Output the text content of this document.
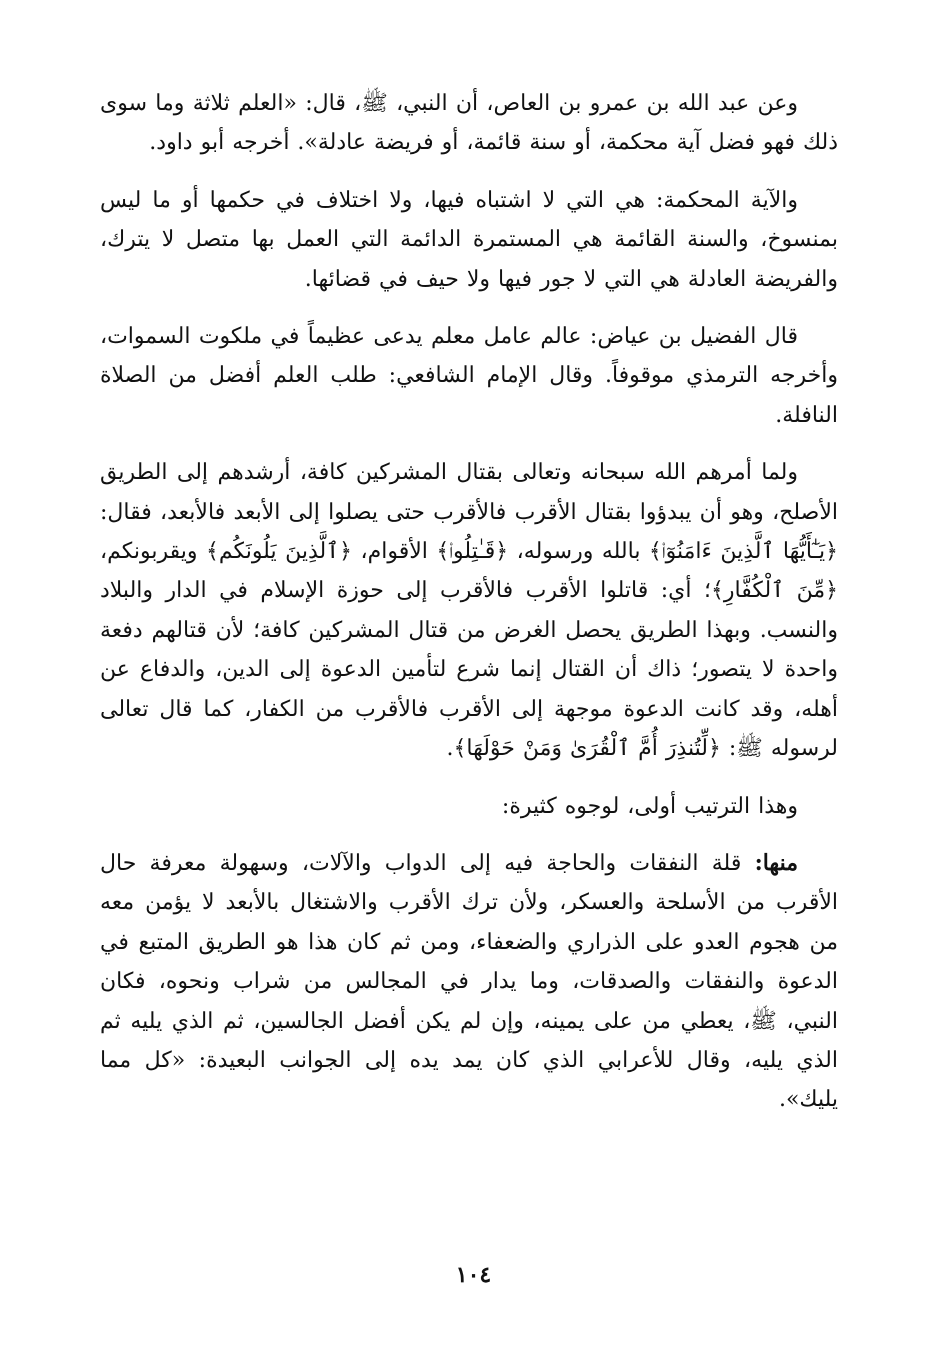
وعن عبد الله بن عمرو بن العاص، أن النبي، ﷺ، قال: «العلم ثلاثة وما سوى ذلك فهو فضل آية محكمة، أو سنة قائمة، أو فريضة عادلة». أخرجه أبو داود.

والآية المحكمة: هي التي لا اشتباه فيها، ولا اختلاف في حكمها أو ما ليس بمنسوخ، والسنة القائمة هي المستمرة الدائمة التي العمل بها متصل لا يترك، والفريضة العادلة هي التي لا جور فيها ولا حيف في قضائها.

قال الفضيل بن عياض: عالم عامل معلم يدعى عظيماً في ملكوت السموات، وأخرجه الترمذي موقوفاً. وقال الإمام الشافعي: طلب العلم أفضل من الصلاة النافلة.

ولما أمرهم الله سبحانه وتعالى بقتال المشركين كافة، أرشدهم إلى الطريق الأصلح، وهو أن يبدؤوا بقتال الأقرب فالأقرب حتى يصلوا إلى الأبعد فالأبعد، فقال: ﴿يَـٰٓأَيُّهَا ٱلَّذِينَ ءَامَنُوٓا۟﴾ بالله ورسوله، ﴿قَـٰتِلُوا۟﴾ الأقوام، ﴿ٱلَّذِينَ يَلُونَكُم﴾ ويقربونكم، ﴿مِّنَ ٱلْكُفَّارِ﴾؛ أي: قاتلوا الأقرب فالأقرب إلى حوزة الإسلام في الدار والبلاد والنسب. وبهذا الطريق يحصل الغرض من قتال المشركين كافة؛ لأن قتالهم دفعة واحدة لا يتصور؛ ذاك أن القتال إنما شرع لتأمين الدعوة إلى الدين، والدفاع عن أهله، وقد كانت الدعوة موجهة إلى الأقرب فالأقرب من الكفار، كما قال تعالى لرسوله ﷺ: ﴿لِّتُنذِرَ أُمَّ ٱلْقُرَىٰ وَمَنْ حَوْلَهَا﴾.

وهذا الترتيب أولى، لوجوه كثيرة:

منها: قلة النفقات والحاجة فيه إلى الدواب والآلات، وسهولة معرفة حال الأقرب من الأسلحة والعسكر، ولأن ترك الأقرب والاشتغال بالأبعد لا يؤمن معه من هجوم العدو على الذراري والضعفاء، ومن ثم كان هذا هو الطريق المتبع في الدعوة والنفقات والصدقات، وما يدار في المجالس من شراب ونحوه، فكان النبي، ﷺ، يعطي من على يمينه، وإن لم يكن أفضل الجالسين، ثم الذي يليه ثم الذي يليه، وقال للأعرابي الذي كان يمد يده إلى الجوانب البعيدة: «كل مما يليك».

١٠٤
